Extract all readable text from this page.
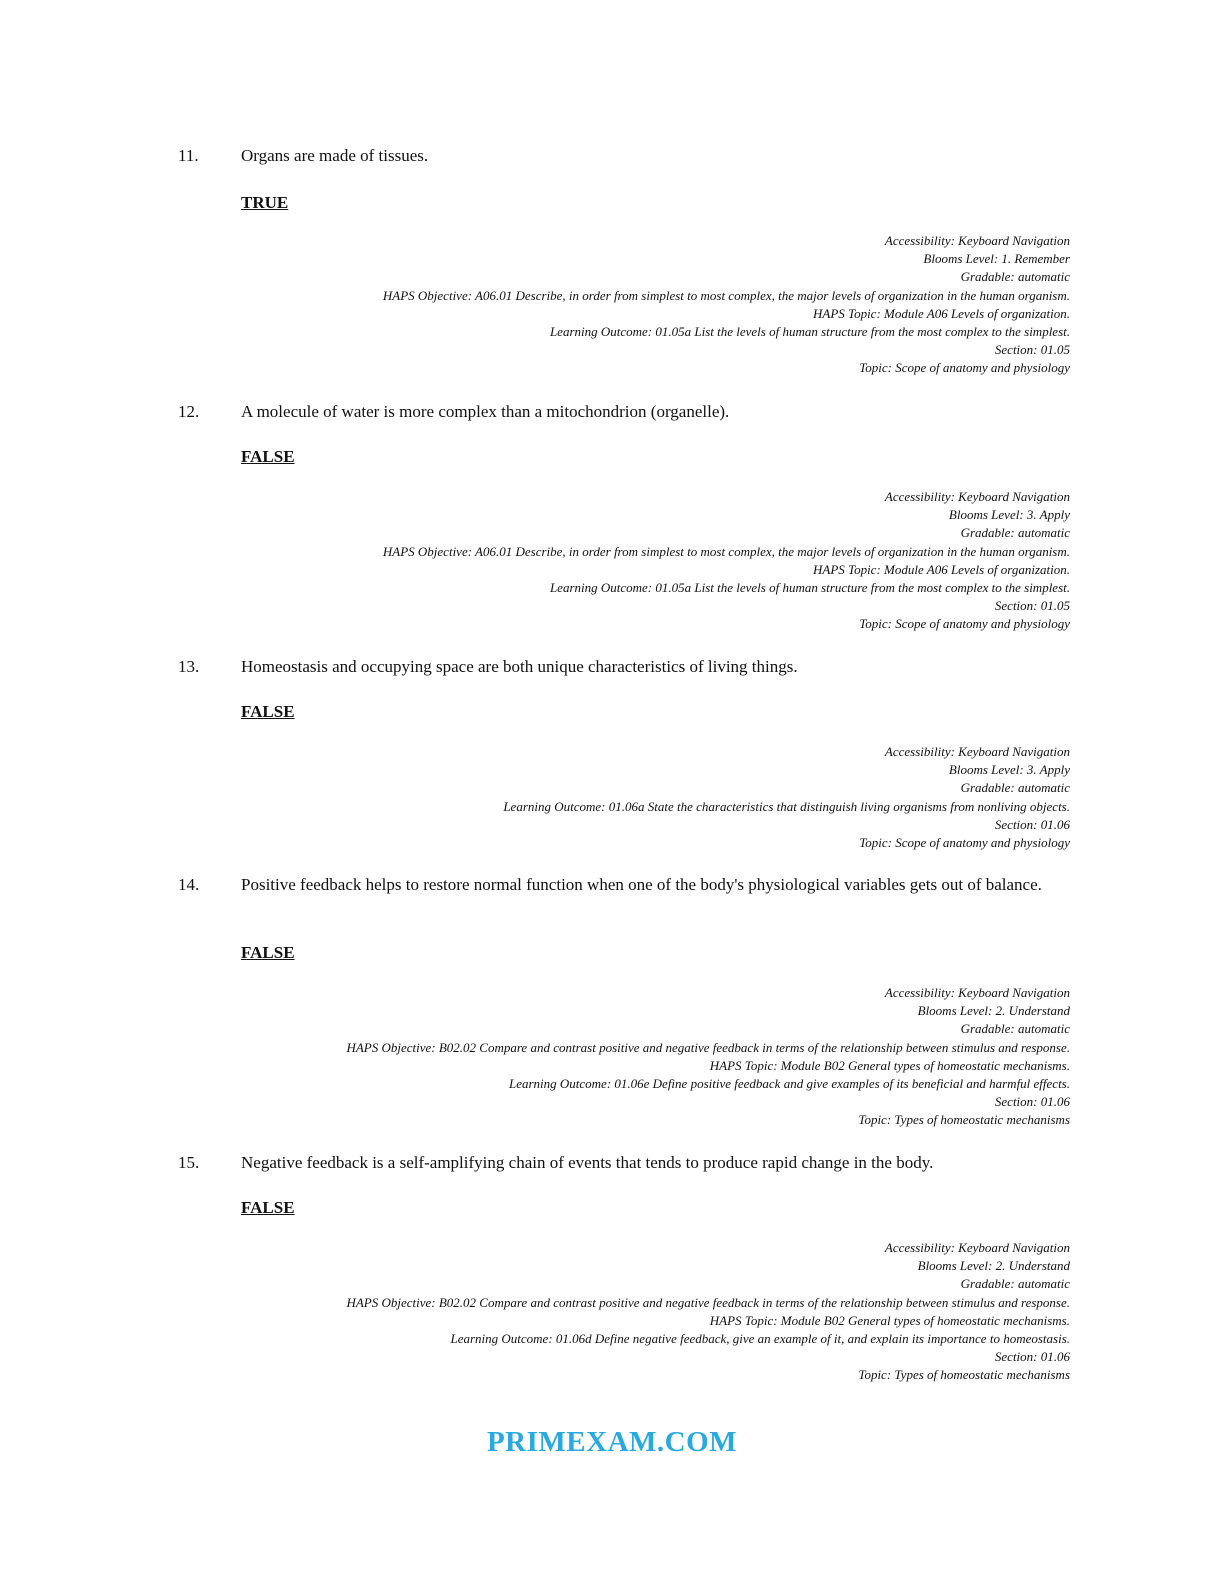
11. Organs are made of tissues.
TRUE
Accessibility: Keyboard Navigation
Blooms Level: 1. Remember
Gradable: automatic
HAPS Objective: A06.01 Describe, in order from simplest to most complex, the major levels of organization in the human organism.
HAPS Topic: Module A06 Levels of organization.
Learning Outcome: 01.05a List the levels of human structure from the most complex to the simplest.
Section: 01.05
Topic: Scope of anatomy and physiology
12. A molecule of water is more complex than a mitochondrion (organelle).
FALSE
Accessibility: Keyboard Navigation
Blooms Level: 3. Apply
Gradable: automatic
HAPS Objective: A06.01 Describe, in order from simplest to most complex, the major levels of organization in the human organism.
HAPS Topic: Module A06 Levels of organization.
Learning Outcome: 01.05a List the levels of human structure from the most complex to the simplest.
Section: 01.05
Topic: Scope of anatomy and physiology
13. Homeostasis and occupying space are both unique characteristics of living things.
FALSE
Accessibility: Keyboard Navigation
Blooms Level: 3. Apply
Gradable: automatic
Learning Outcome: 01.06a State the characteristics that distinguish living organisms from nonliving objects.
Section: 01.06
Topic: Scope of anatomy and physiology
14. Positive feedback helps to restore normal function when one of the body's physiological variables gets out of balance.
FALSE
Accessibility: Keyboard Navigation
Blooms Level: 2. Understand
Gradable: automatic
HAPS Objective: B02.02 Compare and contrast positive and negative feedback in terms of the relationship between stimulus and response.
HAPS Topic: Module B02 General types of homeostatic mechanisms.
Learning Outcome: 01.06e Define positive feedback and give examples of its beneficial and harmful effects.
Section: 01.06
Topic: Types of homeostatic mechanisms
15. Negative feedback is a self-amplifying chain of events that tends to produce rapid change in the body.
FALSE
Accessibility: Keyboard Navigation
Blooms Level: 2. Understand
Gradable: automatic
HAPS Objective: B02.02 Compare and contrast positive and negative feedback in terms of the relationship between stimulus and response.
HAPS Topic: Module B02 General types of homeostatic mechanisms.
Learning Outcome: 01.06d Define negative feedback, give an example of it, and explain its importance to homeostasis.
Section: 01.06
Topic: Types of homeostatic mechanisms
PRIMEXAM.COM
